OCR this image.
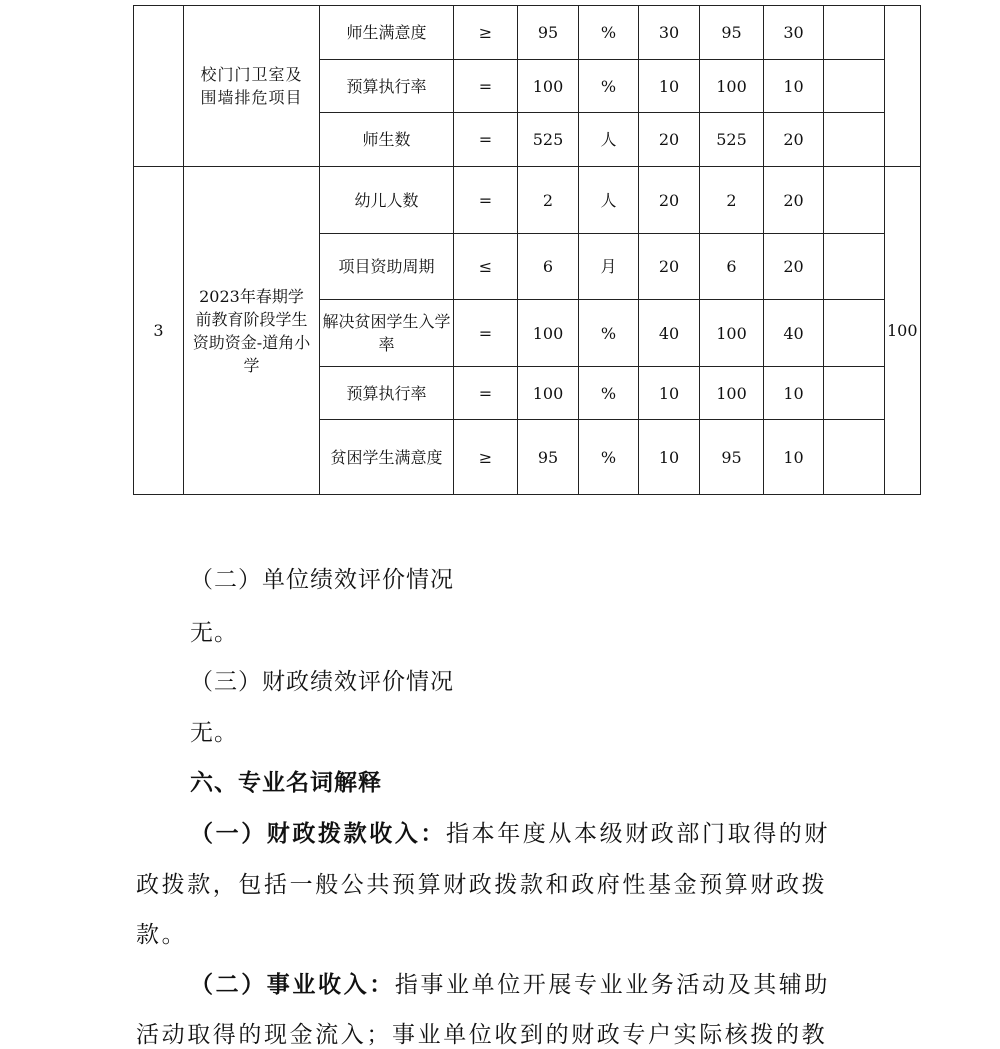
	校门门卫室及围墙排危项目	师生满意度	≥	95	%	30	95	30		
		预算执行率	=	100	%	10	100	10		
		师生数	=	525	人	20	525	20		
3	2023年春期学前教育阶段学生资助资金-道角小学	幼儿人数	=	2	人	20	2	20		100
		项目资助周期	≤	6	月	20	6	20		
		解决贫困学生入学率	=	100	%	40	100	40		
		预算执行率	=	100	%	10	100	10		
		贫困学生满意度	≥	95	%	10	95	10		
（二）单位绩效评价情况
无。
（三）财政绩效评价情况
无。
六、专业名词解释
（一）财政拨款收入：指本年度从本级财政部门取得的财
政拨款，包括一般公共预算财政拨款和政府性基金预算财政拨
款。
（二）事业收入：指事业单位开展专业业务活动及其辅助
活动取得的现金流入；事业单位收到的财政专户实际核拨的教
